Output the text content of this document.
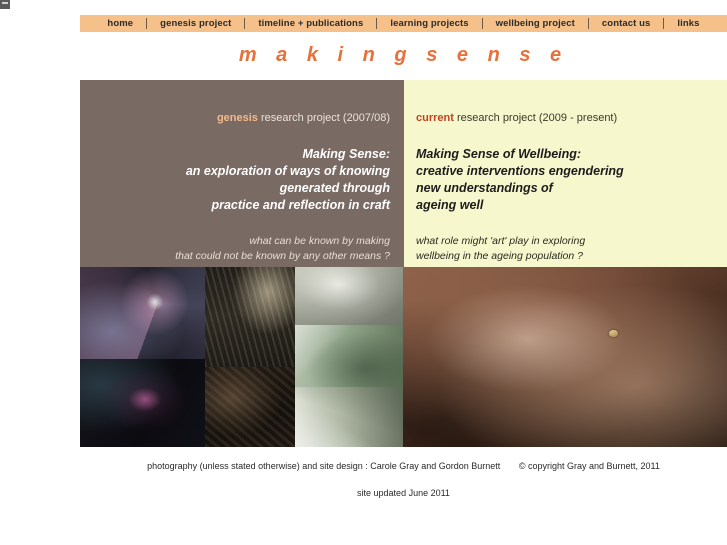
home	genesis project	timeline + publications	learning projects	wellbeing project	contact us	links
m a k i n g s e n s e
genesis research project (2007/08)
Making Sense:
an exploration of ways of knowing
generated through
practice and reflection in craft
what can be known by making
that could not be known by any other means ?
current research project (2009 - present)
Making Sense of Wellbeing:
creative interventions engendering
new understandings of
ageing well
what role might 'art' play in exploring
wellbeing in the ageing population ?
photography (unless stated otherwise) and site design : Carole Gray and Gordon Burnett © copyright Gray and Burnett, 2011
site updated June 2011
